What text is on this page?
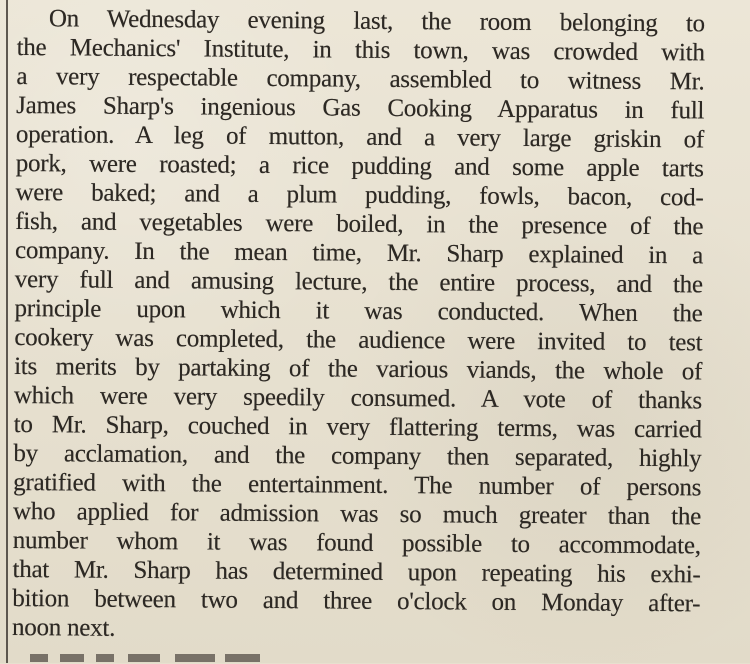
On Wednesday evening last, the room belonging to
the Mechanics' Institute, in this town, was crowded with
a very respectable company, assembled to witness Mr.
James Sharp's ingenious Gas Cooking Apparatus in full
operation. A leg of mutton, and a very large griskin of
pork, were roasted; a rice pudding and some apple tarts
were baked; and a plum pudding, fowls, bacon, cod-
fish, and vegetables were boiled, in the presence of the
company. In the mean time, Mr. Sharp explained in a
very full and amusing lecture, the entire process, and the
principle upon which it was conducted. When the
cookery was completed, the audience were invited to test
its merits by partaking of the various viands, the whole of
which were very speedily consumed. A vote of thanks
to Mr. Sharp, couched in very flattering terms, was carried
by acclamation, and the company then separated, highly
gratified with the entertainment. The number of persons
who applied for admission was so much greater than the
number whom it was found possible to accommodate,
that Mr. Sharp has determined upon repeating his exhi-
bition between two and three o'clock on Monday after-
noon next.
